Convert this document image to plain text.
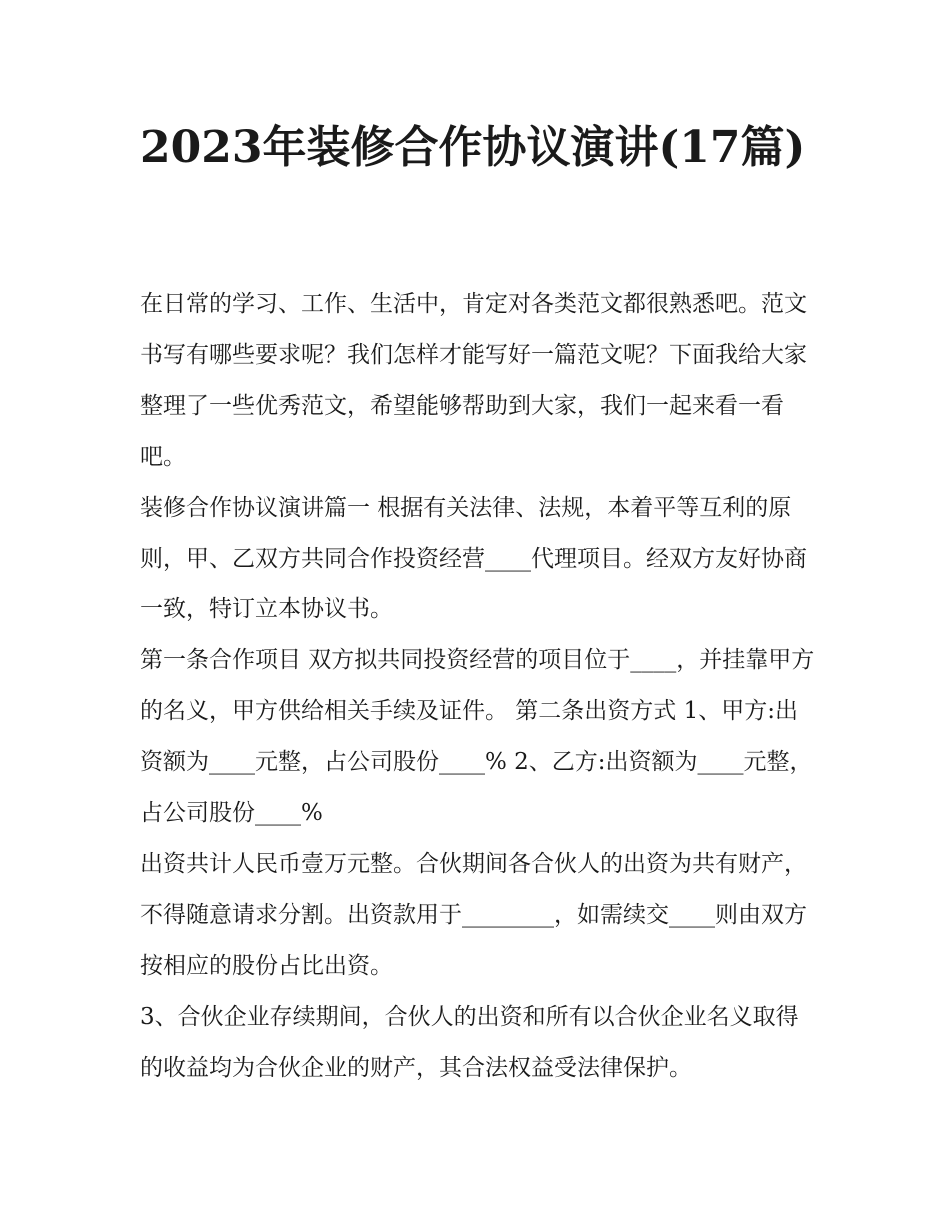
2023年装修合作协议演讲(17篇)

在日常的学习、工作、生活中，肯定对各类范文都很熟悉吧。范文书写有哪些要求呢？我们怎样才能写好一篇范文呢？下面我给大家整理了一些优秀范文，希望能够帮助到大家，我们一起来看一看吧。

装修合作协议演讲篇一 根据有关法律、法规，本着平等互利的原则，甲、乙双方共同合作投资经营____代理项目。经双方友好协商一致，特订立本协议书。

第一条合作项目 双方拟共同投资经营的项目位于____，并挂靠甲方的名义，甲方供给相关手续及证件。 第二条出资方式 1、甲方:出资额为____元整，占公司股份____% 2、乙方:出资额为____元整，占公司股份____%

出资共计人民币壹万元整。合伙期间各合伙人的出资为共有财产，不得随意请求分割。出资款用于________，如需续交____则由双方按相应的股份占比出资。

3、合伙企业存续期间，合伙人的出资和所有以合伙企业名义取得的收益均为合伙企业的财产，其合法权益受法律保护。
